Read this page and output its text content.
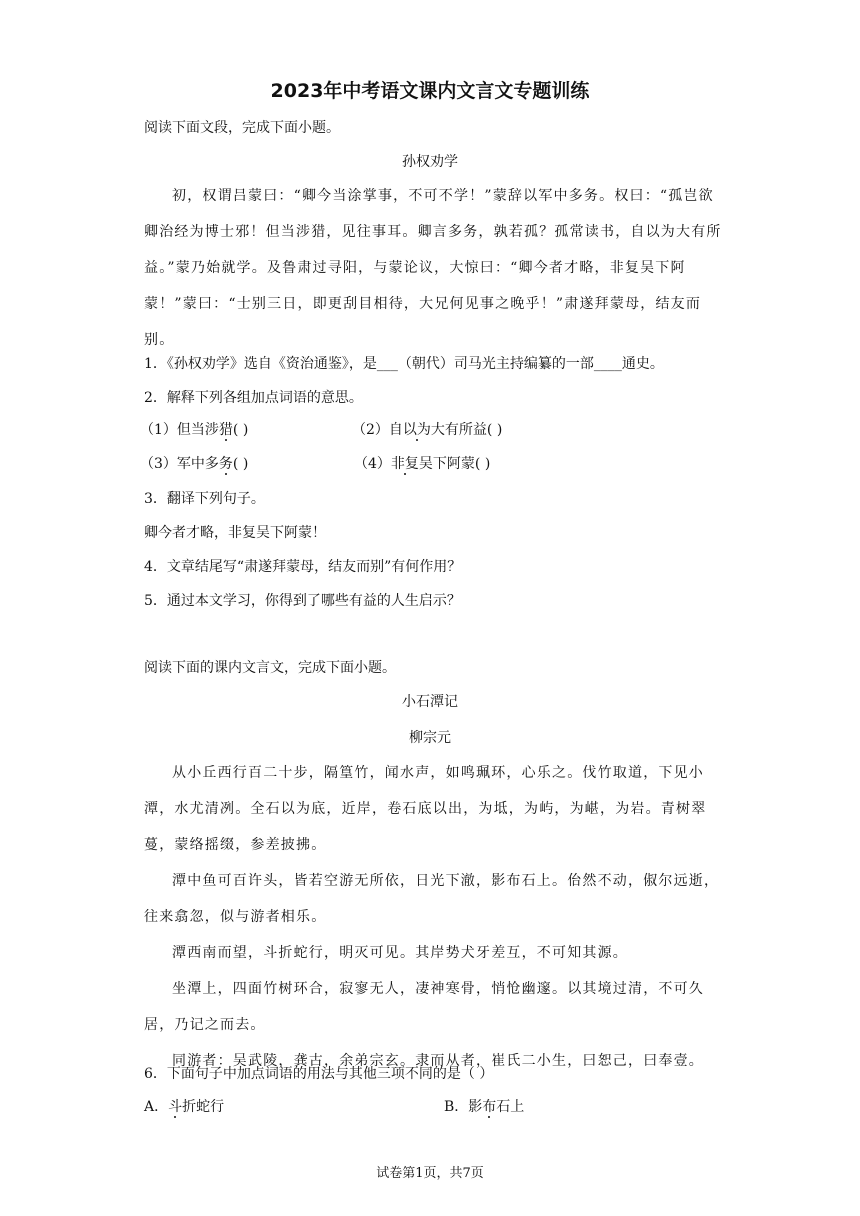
2023年中考语文课内文言文专题训练
阅读下面文段，完成下面小题。
孙权劝学
初，权谓吕蒙曰：“卿今当涂掌事，不可不学！”蒙辞以军中多务。权曰：“孤岂欲卿治经为博士邪！但当涉猎，见往事耳。卿言多务，孰若孤？孤常读书，自以为大有所益。”蒙乃始就学。及鲁肃过寻阳，与蒙论议，大惊曰：“卿今者才略，非复吴下阿蒙！”蒙曰：“士别三日，即更刮目相待，大兄何见事之晚乎！”肃遂拜蒙母，结友而别。
1．《孙权劝学》选自《资治通鉴》，是___（朝代）司马光主持编纂的一部____通史。
2．解释下列各组加点词语的意思。
（1）但当涉猎( )	（2）自以为大有所益( )
（3）军中多务( )	（4）非复吴下阿蒙( )
3．翻译下列句子。
卿今者才略，非复吴下阿蒙！
4．文章结尾写“肃遂拜蒙母，结友而别”有何作用？
5．通过本文学习，你得到了哪些有益的人生启示？
阅读下面的课内文言文，完成下面小题。
小石潭记
柳宗元
从小丘西行百二十步，隔篁竹，闻水声，如鸣珮环，心乐之。伐竹取道，下见小潭，水尤清冽。全石以为底，近岸，卷石底以出，为坻，为屿，为嵁，为岩。青树翠蔓，蒙络摇缀，参差披拂。
潭中鱼可百许头，皆若空游无所依，日光下澈，影布石上。佁然不动，俶尔远逝，往来翕忽，似与游者相乐。
潭西南而望，斗折蛇行，明灭可见。其岸势犬牙差互，不可知其源。
坐潭上，四面竹树环合，寂寥无人，凄神寒骨，悄怆幽邃。以其境过清，不可久居，乃记之而去。
同游者：吴武陵，龚古，余弟宗玄。隶而从者，崔氏二小生，曰恕己，曰奉壹。
6．下面句子中加点词语的用法与其他三项不同的是（ ）
A．斗折蛇行	B．影布石上
试卷第1页，共7页
